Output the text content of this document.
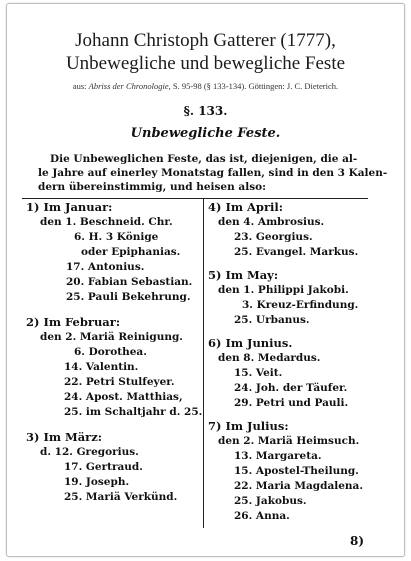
Johann Christoph Gatterer (1777),
Unbewegliche und bewegliche Feste
aus: Abriss der Chronologie, S. 95-98 (§ 133-134). Göttingen: J. C. Dieterich.
§. 133.
Unbewegliche Feste.
Die Unbeweglichen Feste, das ist, diejenigen, die al-
le Jahre auf einerley Monatstag fallen, sind in den 3 Kalen-
dern übereinstimmig, und heisen also:
1) Im Januar:
den 1. Beschneid. Chr.
6. H. 3 Könige
oder Epiphanias.
17. Antonius.
20. Fabian Sebastian.
25. Pauli Bekehrung.
2) Im Februar:
den 2. Mariä Reinigung.
6. Dorothea.
14. Valentin.
22. Petri Stulfeyer.
24. Apost. Matthias,
25. im Schaltjahr d. 25.
3) Im März:
d. 12. Gregorius.
17. Gertraud.
19. Joseph.
25. Mariä Verkünd.
4) Im April:
den 4. Ambrosius.
23. Georgius.
25. Evangel. Markus.
5) Im May:
den 1. Philippi Jakobi.
3. Kreuz-Erfindung.
25. Urbanus.
6) Im Junius.
den 8. Medardus.
15. Veit.
24. Joh. der Täufer.
29. Petri und Pauli.
7) Im Julius:
den 2. Mariä Heimsuch.
13. Margareta.
15. Apostel-Theilung.
22. Maria Magdalena.
25. Jakobus.
26. Anna.
8)
